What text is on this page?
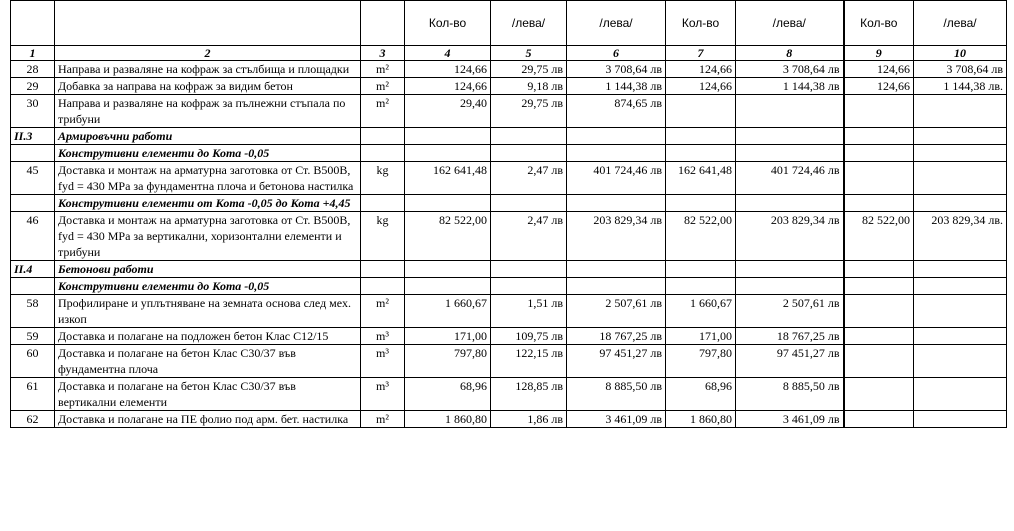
			Кол-во	/лева/	/лева/	Кол-во	/лева/	Кол-во	/лева/
1	2	3	4	5	6	7	8	9	10
28	Направа и разваляне на кофраж за стълбища и площадки	m²	124,66	29,75 лв	3 708,64 лв	124,66	3 708,64 лв	124,66	3 708,64 лв
29	Добавка за направа на кофраж за видим бетон	m²	124,66	9,18 лв	1 144,38 лв	124,66	1 144,38 лв	124,66	1 144,38 лв.
30	Направа и разваляне на кофраж за пълнежни стъпала по трибуни	m²	29,40	29,75 лв	874,65 лв				
II.3	Армировъчни работи								
	Конструтивни елементи до Кота -0,05								
45	Доставка и монтаж на арматурна заготовка от Ст. B500B, fyd = 430 MPa за фундаментна плоча и бетонова настилка	kg	162 641,48	2,47 лв	401 724,46 лв	162 641,48	401 724,46 лв		
	Конструтивни елементи от Кота -0,05 до Кота +4,45								
46	Доставка и монтаж на арматурна заготовка от Ст. B500B, fyd = 430 MPa за вертикални, хоризонтални елементи и трибуни	kg	82 522,00	2,47 лв	203 829,34 лв	82 522,00	203 829,34 лв	82 522,00	203 829,34 лв.
II.4	Бетонови работи								
	Конструтивни елементи до Кота -0,05								
58	Профилиране и уплътняване на земната основа след мех. изкоп	m²	1 660,67	1,51 лв	2 507,61 лв	1 660,67	2 507,61 лв		
59	Доставка и полагане на подложен бетон Клас C12/15	m³	171,00	109,75 лв	18 767,25 лв	171,00	18 767,25 лв		
60	Доставка и полагане на бетон Клас C30/37 във фундаментна плоча	m³	797,80	122,15 лв	97 451,27 лв	797,80	97 451,27 лв		
61	Доставка и полагане на бетон Клас C30/37 във вертикални елементи	m³	68,96	128,85 лв	8 885,50 лв	68,96	8 885,50 лв		
62	Доставка и полагане на ПЕ фолио под арм. бет. настилка	m²	1 860,80	1,86 лв	3 461,09 лв	1 860,80	3 461,09 лв		
